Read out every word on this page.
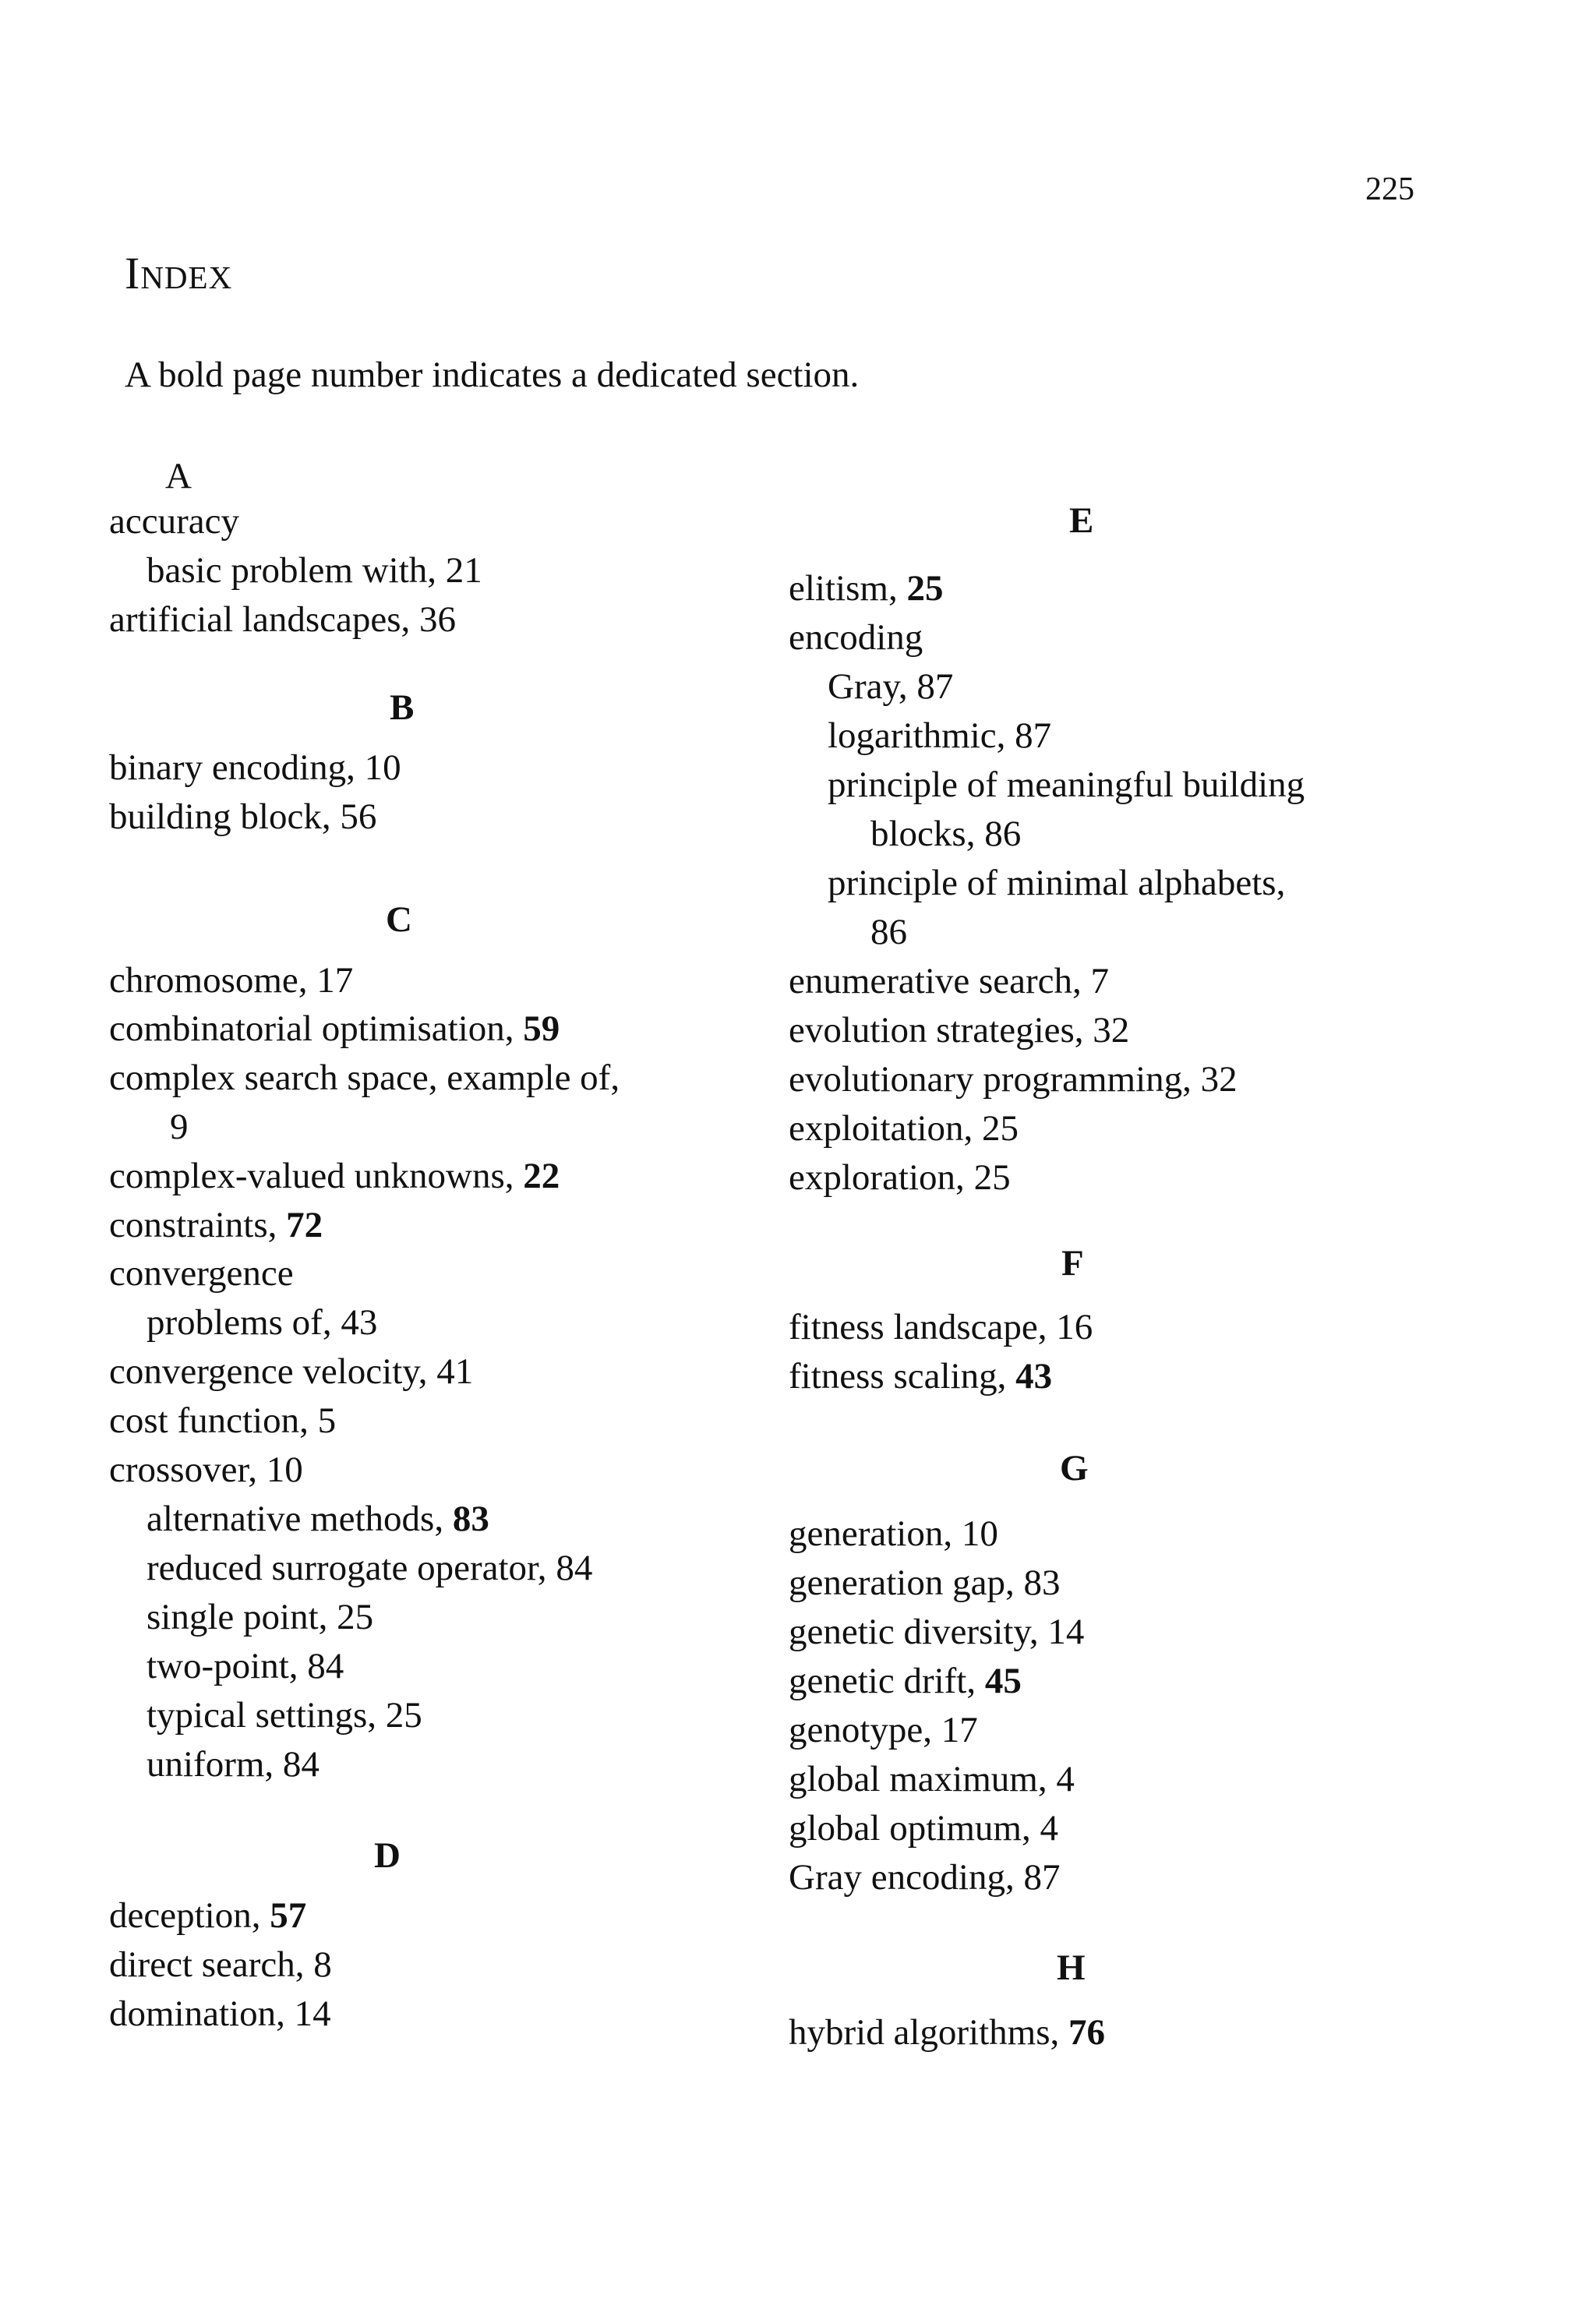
225
Index
A bold page number indicates a dedicated section.
A
accuracy
basic problem with, 21
artificial landscapes, 36
B
binary encoding, 10
building block, 56
C
chromosome, 17
combinatorial optimisation, 59
complex search space, example of,
9
complex-valued unknowns, 22
constraints, 72
convergence
problems of, 43
convergence velocity, 41
cost function, 5
crossover, 10
alternative methods, 83
reduced surrogate operator, 84
single point, 25
two-point, 84
typical settings, 25
uniform, 84
D
deception, 57
direct search, 8
domination, 14
E
elitism, 25
encoding
Gray, 87
logarithmic, 87
principle of meaningful building
blocks, 86
principle of minimal alphabets,
86
enumerative search, 7
evolution strategies, 32
evolutionary programming, 32
exploitation, 25
exploration, 25
F
fitness landscape, 16
fitness scaling, 43
G
generation, 10
generation gap, 83
genetic diversity, 14
genetic drift, 45
genotype, 17
global maximum, 4
global optimum, 4
Gray encoding, 87
H
hybrid algorithms, 76
